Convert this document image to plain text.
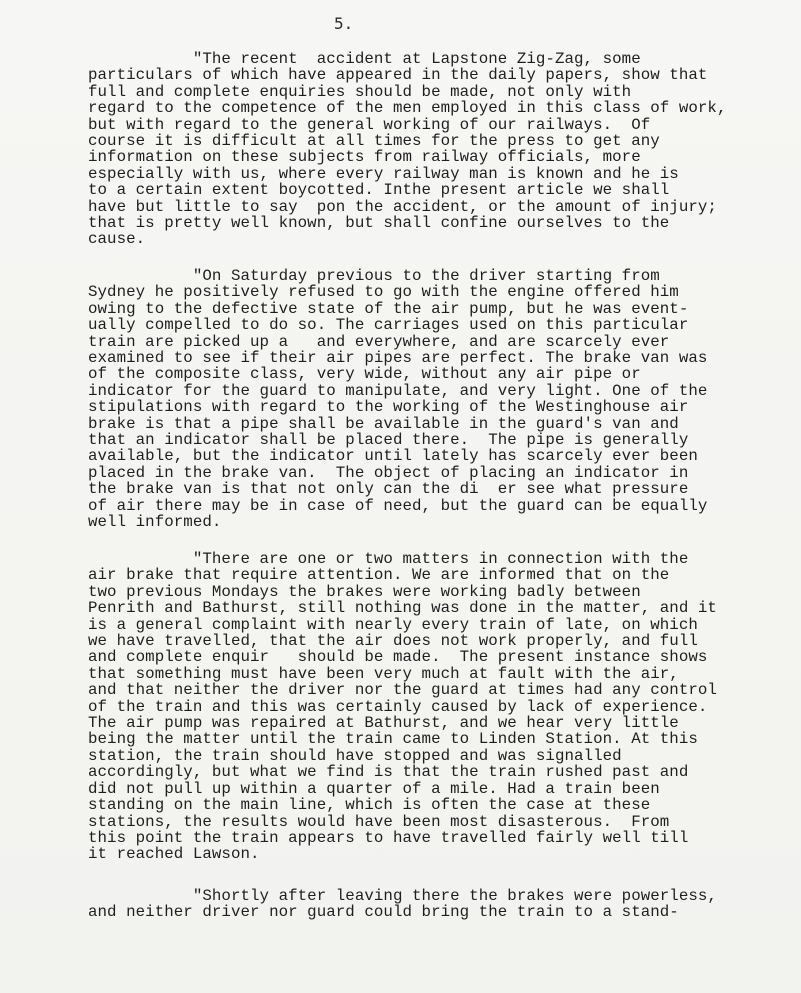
5.
"The recent  accident at Lapstone Zig-Zag, some
particulars of which have appeared in the daily papers, show that
full and complete enquiries should be made, not only with
regard to the competence of the men employed in this class of work,
but with regard to the general working of our railways.  Of
course it is difficult at all times for the press to get any
information on these subjects from railway officials, more
especially with us, where every railway man is known and he is
to a certain extent boycotted. Inthe present article we shall
have but little to say  pon the accident, or the amount of injury;
that is pretty well known, but shall confine ourselves to the
cause.
"On Saturday previous to the driver starting from
Sydney he positively refused to go with the engine offered him
owing to the defective state of the air pump, but he was event-
ually compelled to do so. The carriages used on this particular
train are picked up a   and everywhere, and are scarcely ever
examined to see if their air pipes are perfect. The brake van was
of the composite class, very wide, without any air pipe or
indicator for the guard to manipulate, and very light. One of the
stipulations with regard to the working of the Westinghouse air
brake is that a pipe shall be available in the guard's van and
that an indicator shall be placed there.  The pipe is generally
available, but the indicator until lately has scarcely ever been
placed in the brake van.  The object of placing an indicator in
the brake van is that not only can the di  er see what pressure
of air there may be in case of need, but the guard can be equally
well informed.
"There are one or two matters in connection with the
air brake that require attention. We are informed that on the
two previous Mondays the brakes were working badly between
Penrith and Bathurst, still nothing was done in the matter, and it
is a general complaint with nearly every train of late, on which
we have travelled, that the air does not work properly, and full
and complete enquir   should be made.  The present instance shows
that something must have been very much at fault with the air,
and that neither the driver nor the guard at times had any control
of the train and this was certainly caused by lack of experience.
The air pump was repaired at Bathurst, and we hear very little
being the matter until the train came to Linden Station. At this
station, the train should have stopped and was signalled
accordingly, but what we find is that the train rushed past and
did not pull up within a quarter of a mile. Had a train been
standing on the main line, which is often the case at these
stations, the results would have been most disasterous.  From
this point the train appears to have travelled fairly well till
it reached Lawson.
"Shortly after leaving there the brakes were powerless,
and neither driver nor guard could bring the train to a stand-
